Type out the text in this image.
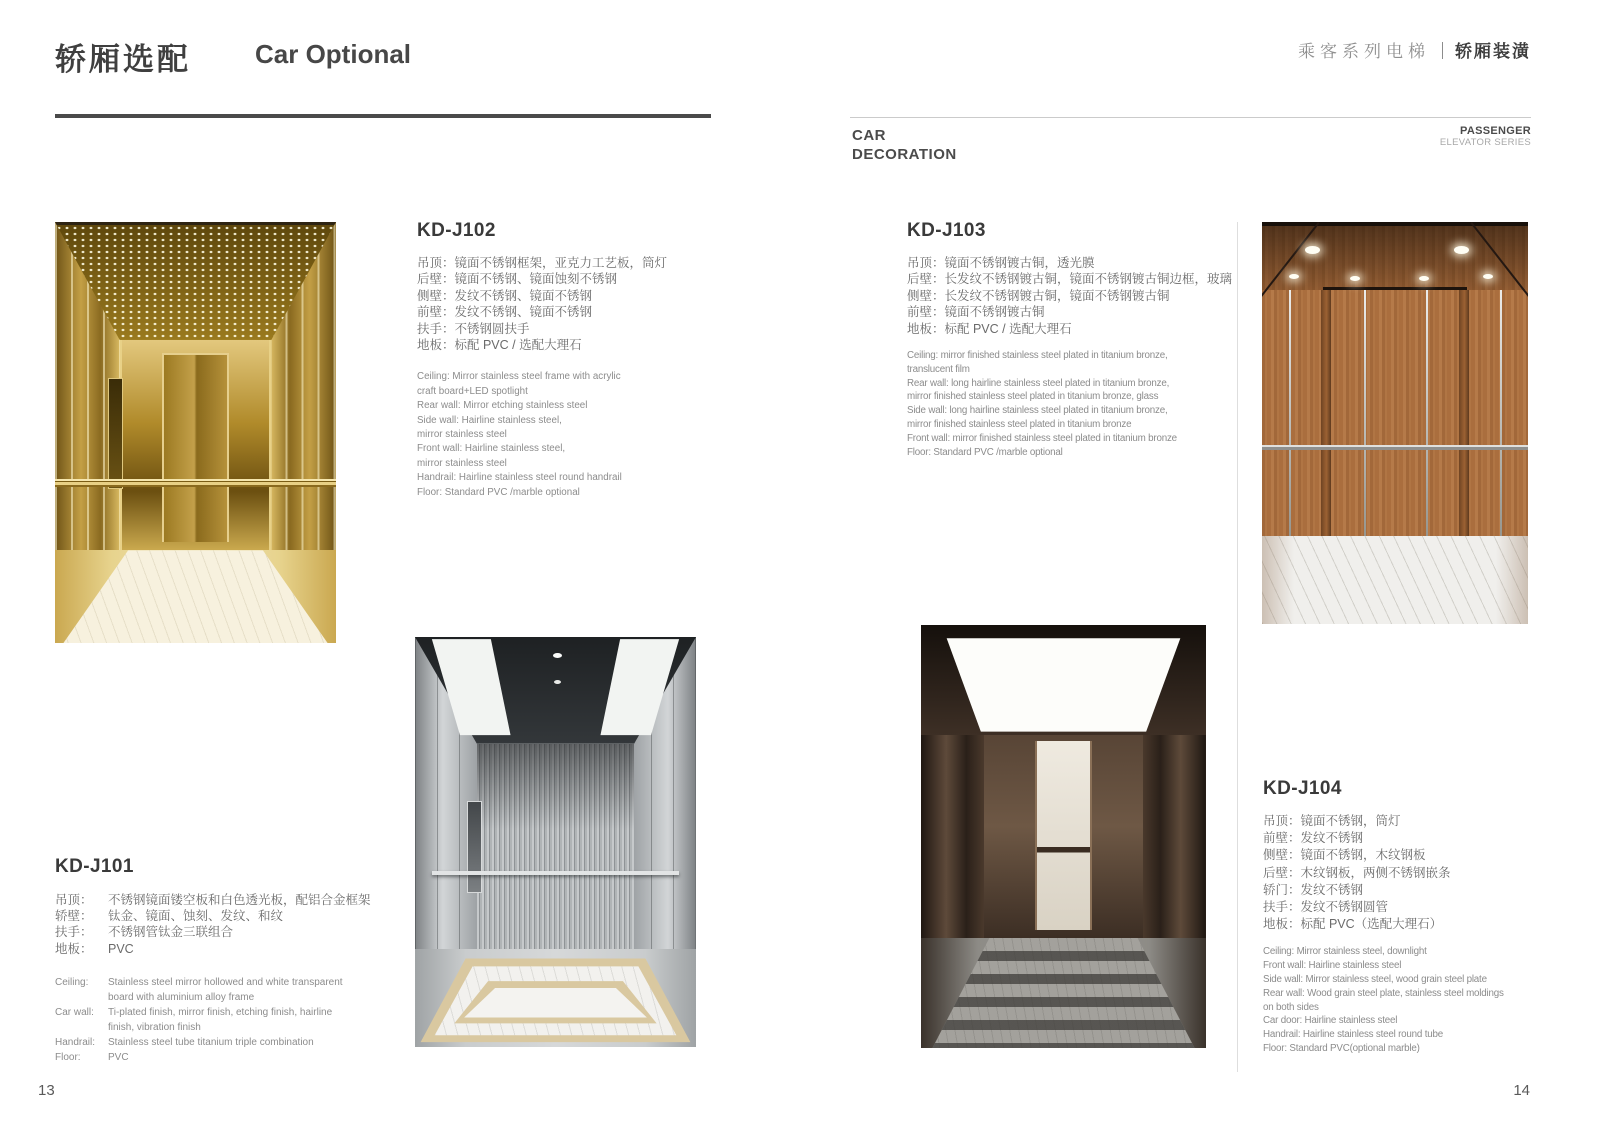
轿厢选配 Car Optional	乘客系列电梯 ｜ 轿厢装潢
CAR
DECORATION
PASSENGER
ELEVATOR SERIES
KD-J102
吊顶：镜面不锈钢框架，亚克力工艺板，筒灯
后壁：镜面不锈钢、镜面蚀刻不锈钢
侧壁：发纹不锈钢、镜面不锈钢
前壁：发纹不锈钢、镜面不锈钢
扶手：不锈钢圆扶手
地板：标配 PVC / 选配大理石
Ceiling: Mirror stainless steel frame with acrylic
craft board+LED spotlight
Rear wall: Mirror etching stainless steel
Side wall: Hairline stainless steel,
mirror stainless steel
Front wall: Hairline stainless steel,
mirror stainless steel
Handrail: Hairline stainless steel round handrail
Floor: Standard PVC /marble optional
KD-J103
吊顶：镜面不锈钢镀古铜，透光膜
后壁：长发纹不锈钢镀古铜，镜面不锈钢镀古铜边框，玻璃
侧壁：长发纹不锈钢镀古铜，镜面不锈钢镀古铜
前壁：镜面不锈钢镀古铜
地板：标配 PVC / 选配大理石
Ceiling: mirror finished stainless steel plated in titanium bronze,
translucent film
Rear wall: long hairline stainless steel plated in titanium bronze,
mirror finished stainless steel plated in titanium bronze, glass
Side wall: long hairline stainless steel plated in titanium bronze,
mirror finished stainless steel plated in titanium bronze
Front wall: mirror finished stainless steel plated in titanium bronze
Floor: Standard PVC /marble optional
KD-J101
吊顶：	不锈钢镜面镂空板和白色透光板，配铝合金框架
轿壁：	钛金、镜面、蚀刻、发纹、和纹
扶手：	不锈钢管钛金三联组合
地板：	PVC
Ceiling:	Stainless steel mirror hollowed and white transparent board with aluminium alloy frame
Car wall:	Ti-plated finish, mirror finish, etching finish, hairline finish, vibration finish
Handrail:	Stainless steel tube titanium triple combination
Floor:	PVC
KD-J104
吊顶：镜面不锈钢，筒灯
前壁：发纹不锈钢
侧壁：镜面不锈钢，木纹钢板
后壁：木纹钢板，两侧不锈钢嵌条
轿门：发纹不锈钢
扶手：发纹不锈钢圆管
地板：标配 PVC（选配大理石）
Ceiling: Mirror stainless steel, downlight
Front wall: Hairline stainless steel
Side wall: Mirror stainless steel, wood grain steel plate
Rear wall: Wood grain steel plate, stainless steel moldings
on both sides
Car door: Hairline stainless steel
Handrail: Hairline stainless steel round tube
Floor: Standard PVC(optional marble)
13	14
